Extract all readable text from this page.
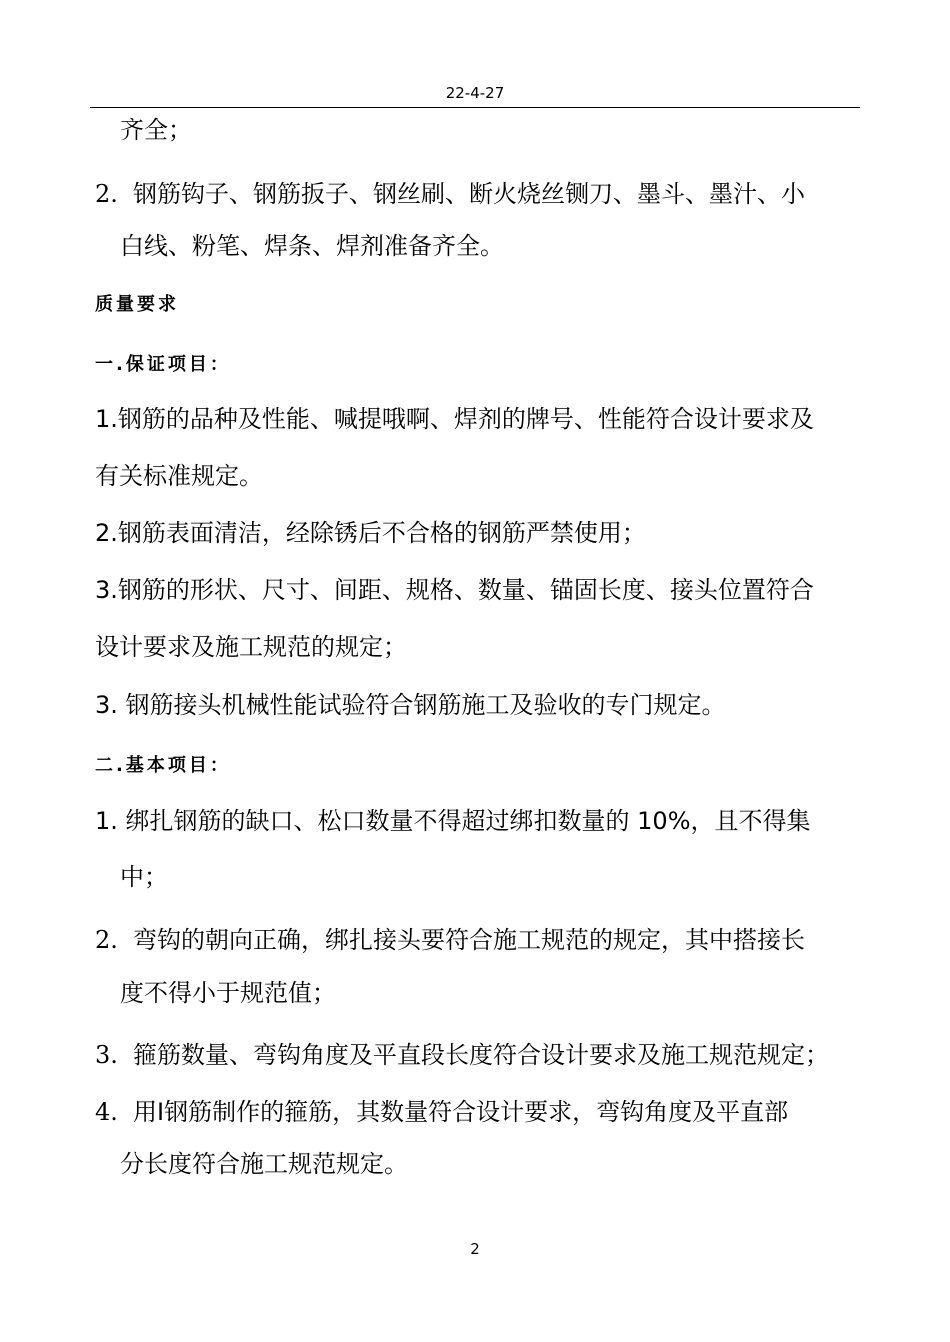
22-4-27
齐全；
2. 钢筋钩子、钢筋扳子、钢丝刷、断火烧丝铡刀、墨斗、墨汁、小
白线、粉笔、焊条、焊剂准备齐全。
质量要求
一.保证项目：
1.钢筋的品种及性能、喊提哦啊、焊剂的牌号、性能符合设计要求及
有关标准规定。
2.钢筋表面清洁，经除锈后不合格的钢筋严禁使用；
3.钢筋的形状、尺寸、间距、规格、数量、锚固长度、接头位置符合
设计要求及施工规范的规定；
3. 钢筋接头机械性能试验符合钢筋施工及验收的专门规定。
二.基本项目：
1. 绑扎钢筋的缺口、松口数量不得超过绑扣数量的 10%，且不得集
中；
2. 弯钩的朝向正确，绑扎接头要符合施工规范的规定，其中搭接长
度不得小于规范值；
3. 箍筋数量、弯钩角度及平直段长度符合设计要求及施工规范规定；
4. 用Ⅰ钢筋制作的箍筋，其数量符合设计要求，弯钩角度及平直部
分长度符合施工规范规定。
2
